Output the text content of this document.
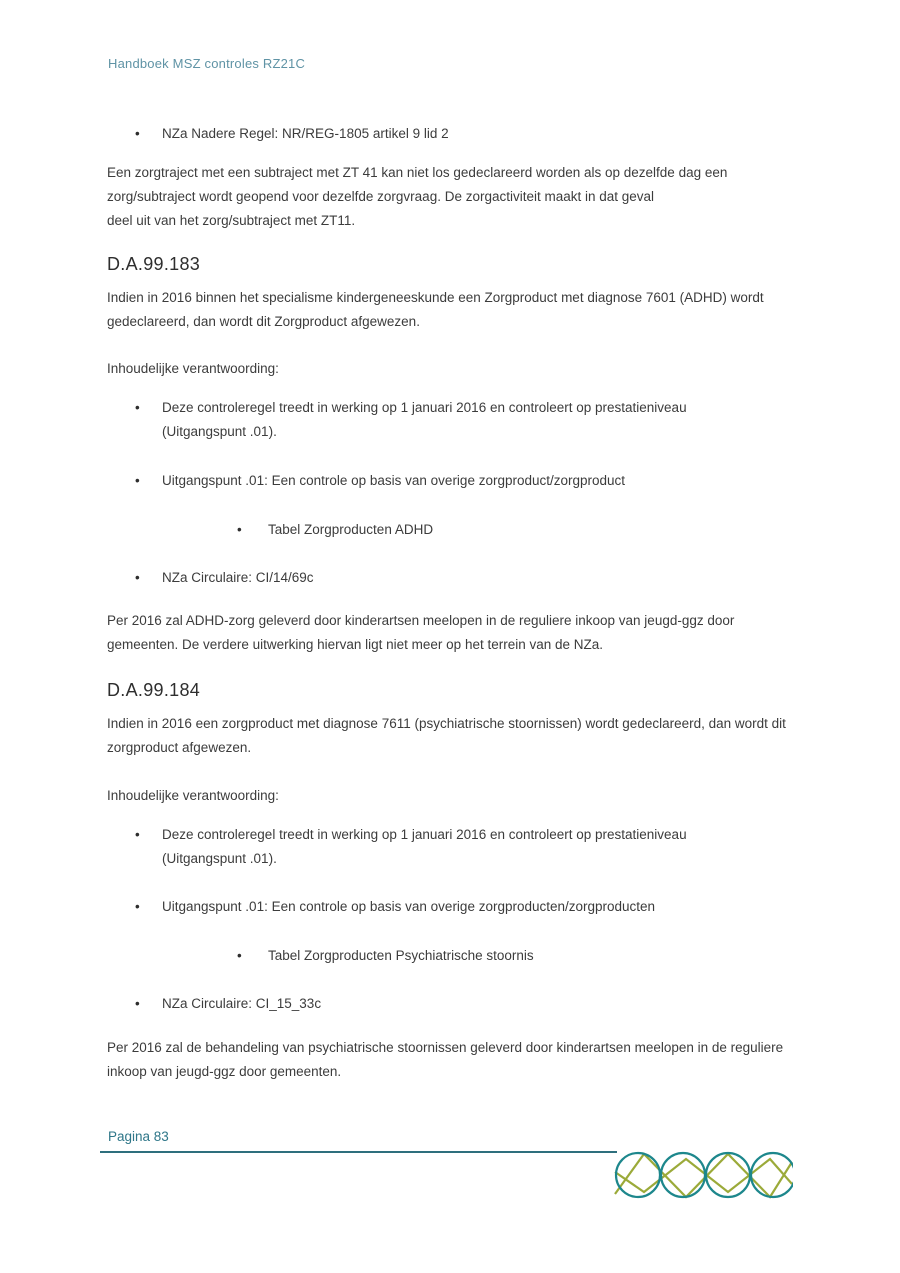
Handboek MSZ controles RZ21C
• NZa Nadere Regel: NR/REG-1805 artikel 9 lid 2
Een zorgtraject met een subtraject met ZT 41 kan niet los gedeclareerd worden als op dezelfde dag een
zorg/subtraject wordt geopend voor dezelfde zorgvraag. De zorgactiviteit maakt in dat geval
deel uit van het zorg/subtraject met ZT11.
D.A.99.183
Indien in 2016 binnen het specialisme kindergeneeskunde een Zorgproduct met diagnose 7601 (ADHD) wordt gedeclareerd, dan wordt dit Zorgproduct afgewezen.
Inhoudelijke verantwoording:
• Deze controleregel treedt in werking op 1 januari 2016 en controleert op prestatieniveau (Uitgangspunt .01).
• Uitgangspunt .01: Een controle op basis van overige zorgproduct/zorgproduct
• Tabel Zorgproducten ADHD
• NZa Circulaire: CI/14/69c
Per 2016 zal ADHD-zorg geleverd door kinderartsen meelopen in de reguliere inkoop van jeugd-ggz door gemeenten. De verdere uitwerking hiervan ligt niet meer op het terrein van de NZa.
D.A.99.184
Indien in 2016 een zorgproduct met diagnose 7611 (psychiatrische stoornissen) wordt gedeclareerd, dan wordt dit zorgproduct afgewezen.
Inhoudelijke verantwoording:
• Deze controleregel treedt in werking op 1 januari 2016 en controleert op prestatieniveau (Uitgangspunt .01).
• Uitgangspunt .01: Een controle op basis van overige zorgproducten/zorgproducten
• Tabel Zorgproducten Psychiatrische stoornis
• NZa Circulaire: CI_15_33c
Per 2016 zal de behandeling van psychiatrische stoornissen geleverd door kinderartsen meelopen in de reguliere inkoop van jeugd-ggz door gemeenten.
Pagina 83
